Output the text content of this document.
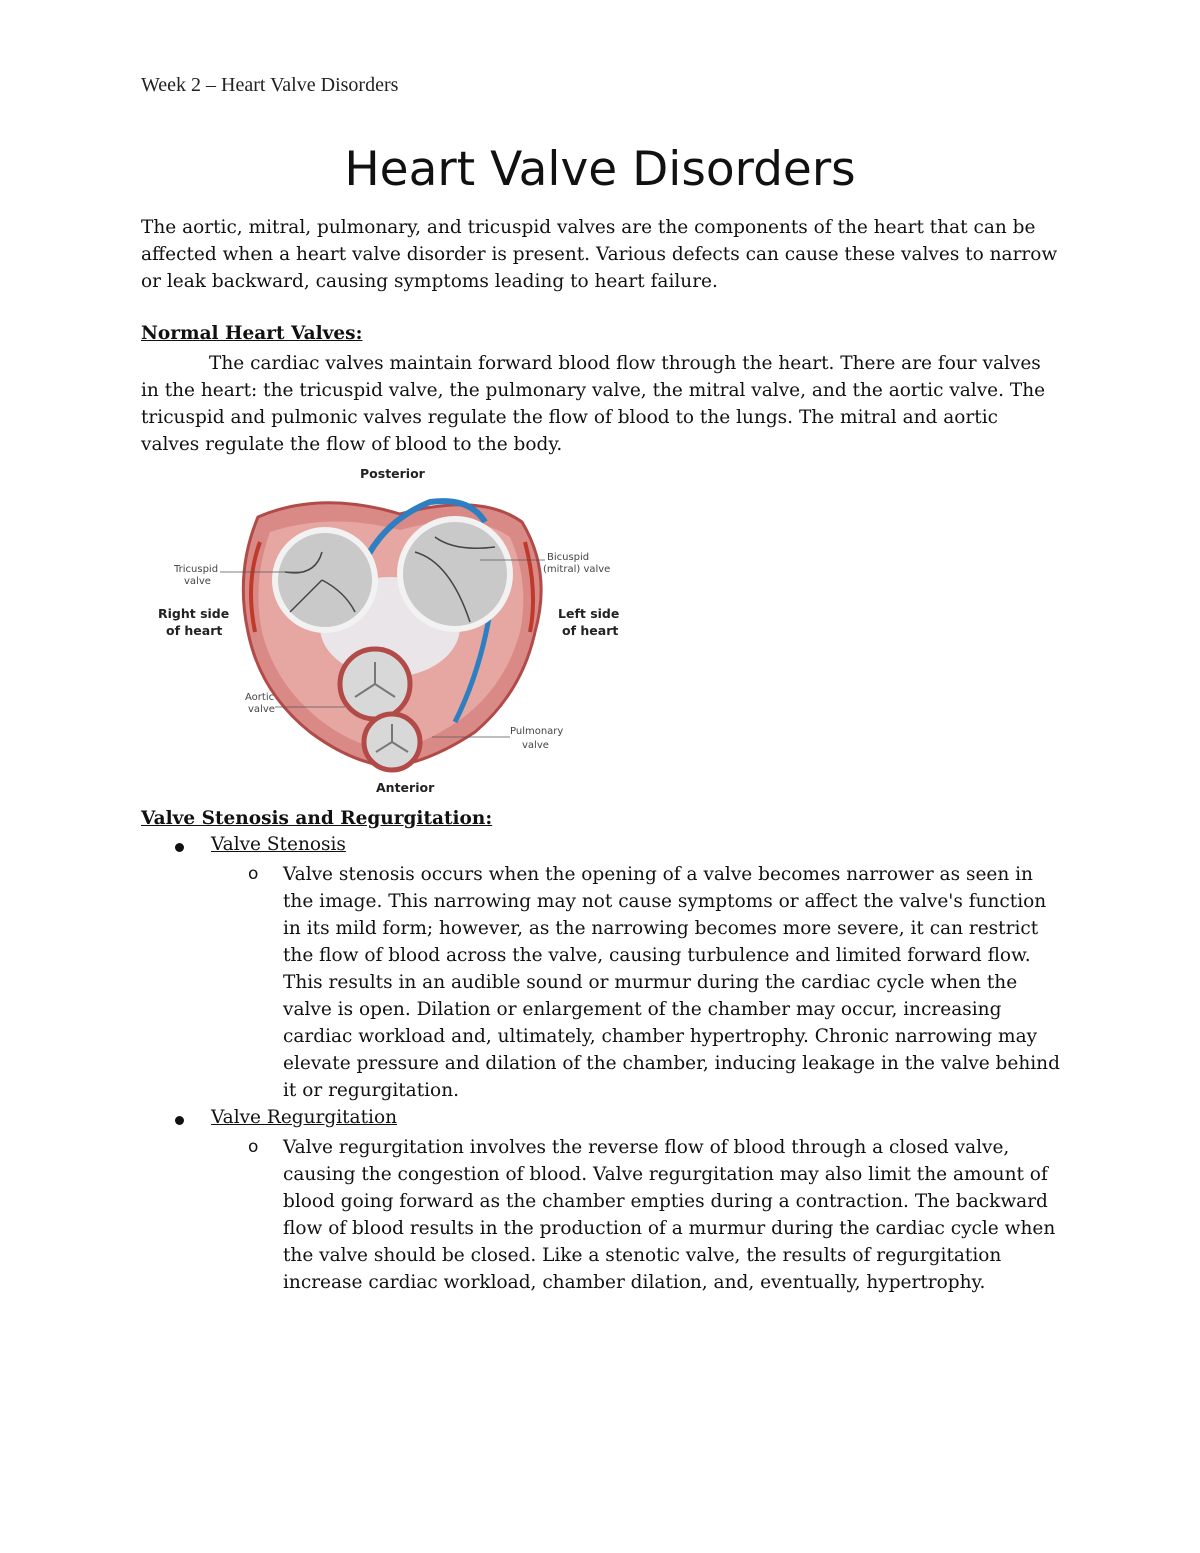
Week 2 – Heart Valve Disorders
Heart Valve Disorders
The aortic, mitral, pulmonary, and tricuspid valves are the components of the heart that can be affected when a heart valve disorder is present. Various defects can cause these valves to narrow or leak backward, causing symptoms leading to heart failure.
Normal Heart Valves:
The cardiac valves maintain forward blood flow through the heart. There are four valves in the heart: the tricuspid valve, the pulmonary valve, the mitral valve, and the aortic valve. The tricuspid and pulmonic valves regulate the flow of blood to the lungs. The mitral and aortic valves regulate the flow of blood to the body.
Posterior
Anterior
Tricuspid
valve
Bicuspid
(mitral) valve
Right side
of heart
Left side
of heart
Aortic
valve
Pulmonary
valve
Valve Stenosis and Regurgitation:
Valve Stenosis
o Valve stenosis occurs when the opening of a valve becomes narrower as seen in the image. This narrowing may not cause symptoms or affect the valve's function in its mild form; however, as the narrowing becomes more severe, it can restrict the flow of blood across the valve, causing turbulence and limited forward flow. This results in an audible sound or murmur during the cardiac cycle when the valve is open. Dilation or enlargement of the chamber may occur, increasing cardiac workload and, ultimately, chamber hypertrophy. Chronic narrowing may elevate pressure and dilation of the chamber, inducing leakage in the valve behind it or regurgitation.
Valve Regurgitation
o Valve regurgitation involves the reverse flow of blood through a closed valve, causing the congestion of blood. Valve regurgitation may also limit the amount of blood going forward as the chamber empties during a contraction. The backward flow of blood results in the production of a murmur during the cardiac cycle when the valve should be closed. Like a stenotic valve, the results of regurgitation increase cardiac workload, chamber dilation, and, eventually, hypertrophy.
